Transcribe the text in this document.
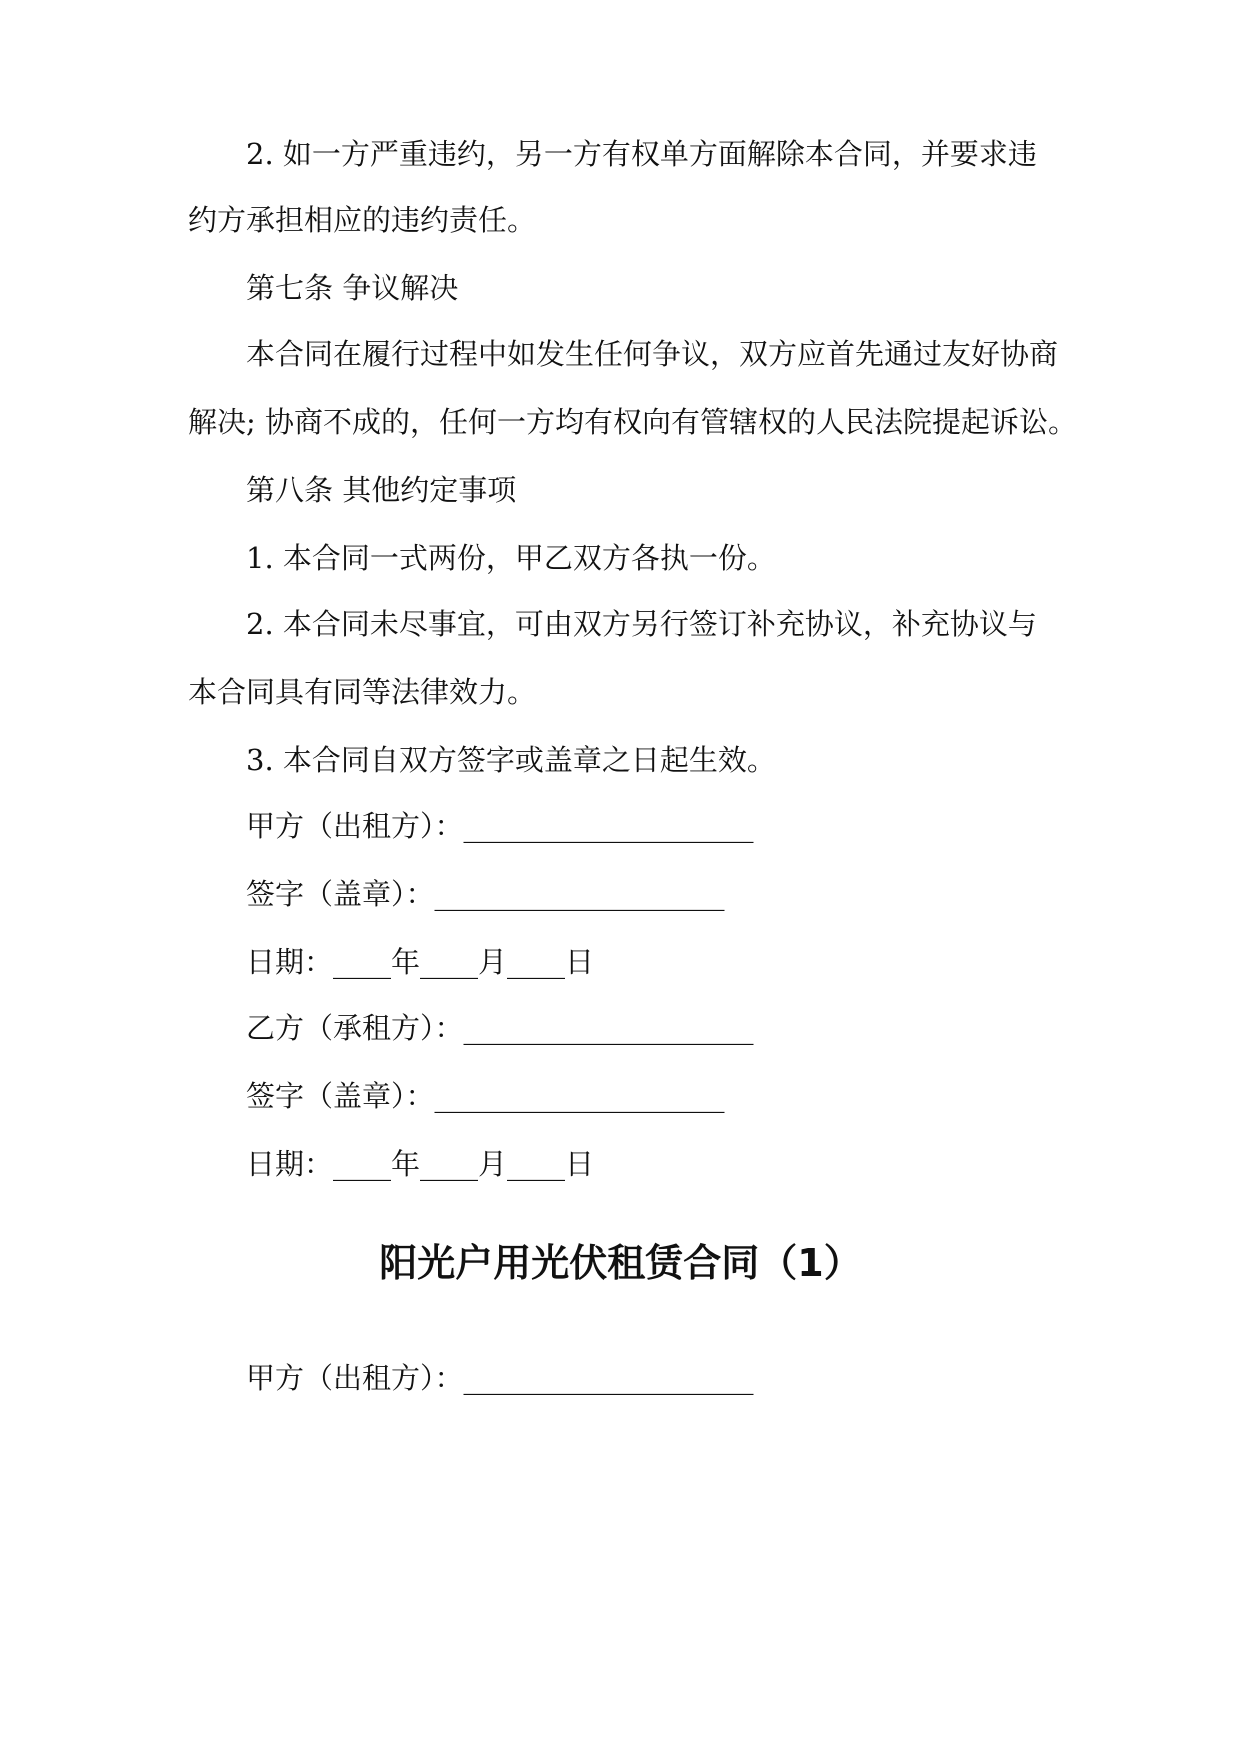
2. 如一方严重违约，另一方有权单方面解除本合同，并要求违
约方承担相应的违约责任。
第七条 争议解决
本合同在履行过程中如发生任何争议，双方应首先通过友好协商
解决; 协商不成的，任何一方均有权向有管辖权的人民法院提起诉讼。
第八条 其他约定事项
1. 本合同一式两份，甲乙双方各执一份。
2. 本合同未尽事宜，可由双方另行签订补充协议，补充协议与
本合同具有同等法律效力。
3. 本合同自双方签字或盖章之日起生效。
甲方（出租方）：____________________
签字（盖章）：____________________
日期：____年____月____日
乙方（承租方）：____________________
签字（盖章）：____________________
日期：____年____月____日
阳光户用光伏租赁合同（1）
甲方（出租方）：____________________
